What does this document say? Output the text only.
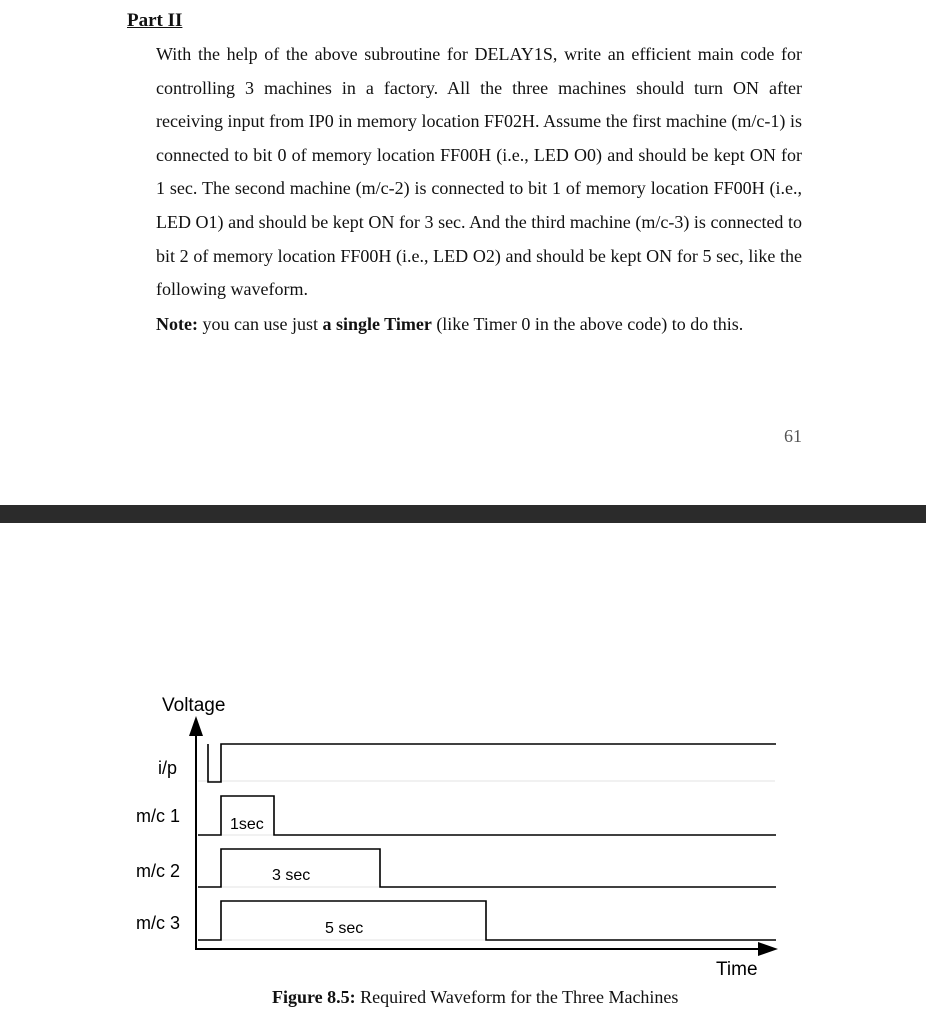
Part II

With the help of the above subroutine for DELAY1S, write an efficient main code for controlling 3 machines in a factory. All the three machines should turn ON after receiving input from IP0 in memory location FF02H. Assume the first machine (m/c-1) is connected to bit 0 of memory location FF00H (i.e., LED O0) and should be kept ON for 1 sec. The second machine (m/c-2) is connected to bit 1 of memory location FF00H (i.e., LED O1) and should be kept ON for 3 sec. And the third machine (m/c-3) is connected to bit 2 of memory location FF00H (i.e., LED O2) and should be kept ON for 5 sec, like the following waveform.

Note: you can use just a single Timer (like Timer 0 in the above code) to do this.

61
Voltage
Time
i/p
m/c 1
m/c 2
m/c 3
1sec
3 sec
5 sec

Figure 8.5: Required Waveform for the Three Machines
